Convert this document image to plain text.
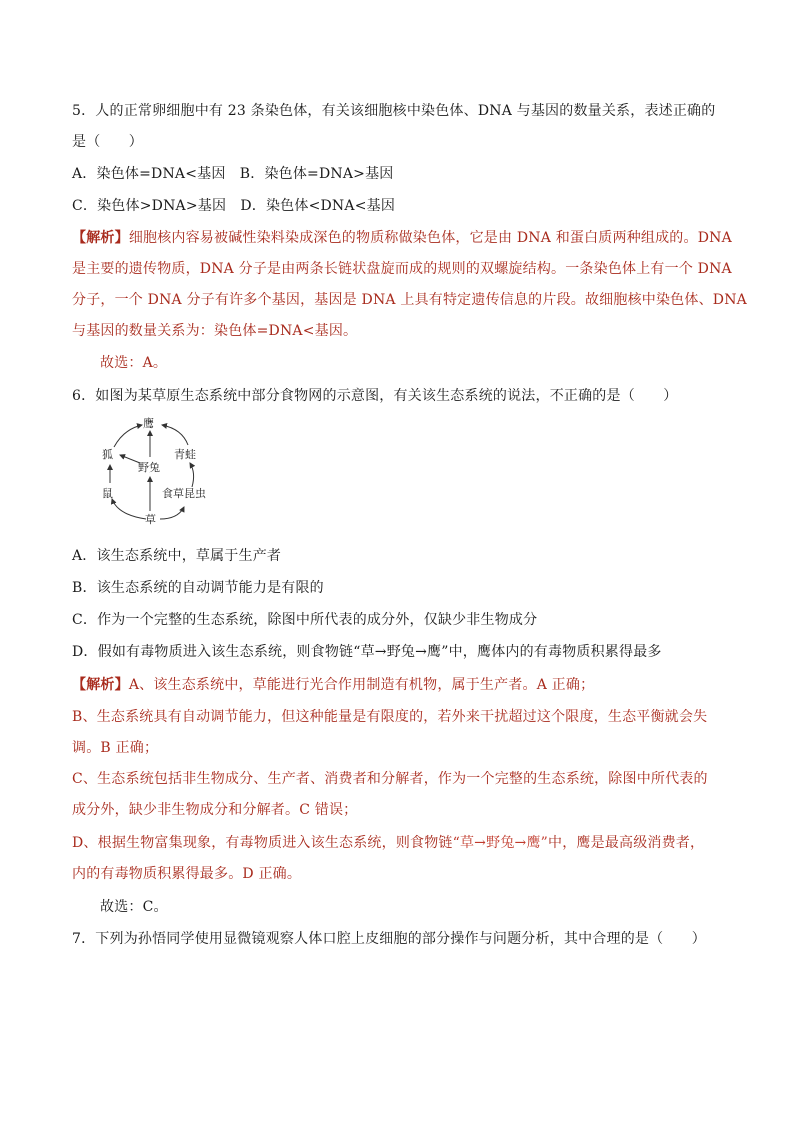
5．人的正常卵细胞中有 23 条染色体，有关该细胞核中染色体、DNA 与基因的数量关系，表述正确的
是（　　）
A．染色体=DNA<基因　B．染色体=DNA>基因
C．染色体>DNA>基因　D．染色体<DNA<基因
【解析】细胞核内容易被碱性染料染成深色的物质称做染色体，它是由 DNA 和蛋白质两种组成的。DNA
是主要的遗传物质，DNA 分子是由两条长链状盘旋而成的规则的双螺旋结构。一条染色体上有一个 DNA
分子，一个 DNA 分子有许多个基因，基因是 DNA 上具有特定遗传信息的片段。故细胞核中染色体、DNA
与基因的数量关系为：染色体=DNA<基因。
故选：A。
6．如图为某草原生态系统中部分食物网的示意图，有关该生态系统的说法，不正确的是（　　）
鹰
狐	青蛙
野兔
鼠	食草昆虫
草
A．该生态系统中，草属于生产者
B．该生态系统的自动调节能力是有限的
C．作为一个完整的生态系统，除图中所代表的成分外，仅缺少非生物成分
D．假如有毒物质进入该生态系统，则食物链“草→野兔→鹰”中，鹰体内的有毒物质积累得最多
【解析】A、该生态系统中，草能进行光合作用制造有机物，属于生产者。A 正确；
B、生态系统具有自动调节能力，但这种能量是有限度的，若外来干扰超过这个限度，生态平衡就会失
调。B 正确；
C、生态系统包括非生物成分、生产者、消费者和分解者，作为一个完整的生态系统，除图中所代表的
成分外，缺少非生物成分和分解者。C 错误；
D、根据生物富集现象，有毒物质进入该生态系统，则食物链“草→野兔→鹰”中，鹰是最高级消费者，
内的有毒物质积累得最多。D 正确。
故选：C。
7．下列为孙悟同学使用显微镜观察人体口腔上皮细胞的部分操作与问题分析，其中合理的是（　　）
